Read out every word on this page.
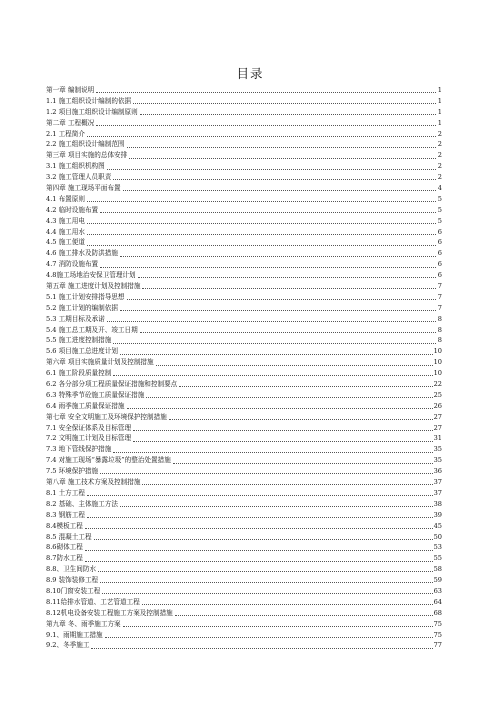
目录
第一章 编制说明	1
1.1 施工组织设计编制的依据	1
1.2 项目施工组织设计编制原则	1
第二章 工程概况	1
2.1 工程简介	2
2.2 施工组织设计编制范围	2
第三章 项目实施的总体安排	2
3.1 施工组织机构图	2
3.2 施工管理人员职责	2
第四章 施工现场平面布置	4
4.1 布置原则	5
4.2 临时设施布置	5
4.3 施工用电	5
4.4 施工用水	6
4.5 施工便道	6
4.6 施工排水及防洪措施	6
4.7 消防设施布置	6
4.8施工场地治安保卫管理计划	6
第五章 施工进度计划及控制措施	7
5.1 施工计划安排指导思想	7
5.2 施工计划的编制依据	7
5.3 工期目标及承诺	8
5.4 施工总工期及开、竣工日期	8
5.5 施工进度控制措施	8
5.6 项目施工总进度计划	10
第六章 项目实施质量计划及控制措施	10
6.1 施工阶段质量控制	10
6.2 各分部分项工程质量保证措施和控制要点	22
6.3 特殊季节砼施工质量保证措施	25
6.4 雨季施工质量保证措施	26
第七章 安全文明施工及环境保护控制措施	27
7.1 安全保证体系及目标管理	27
7.2 文明施工计划及目标管理	31
7.3 地下管线保护措施	35
7.4 对施工现场“暴露垃圾”的整治处置措施	35
7.5 环境保护措施	36
第八章 施工技术方案及控制措施	37
8.1 土方工程	37
8.2 基础、主体施工方法	38
8.3 钢筋工程	39
8.4模板工程	45
8.5 混凝土工程	50
8.6砌体工程	53
8.7防水工程	55
8.8、卫生间防水	58
8.9 装饰装修工程	59
8.10门窗安装工程	63
8.11给排水管道、工艺管道工程	64
8.12机电设备安装工程施工方案及控制措施	68
第九章 冬、雨季施工方案	75
9.1、雨期施工措施	75
9.2、冬季施工	77
